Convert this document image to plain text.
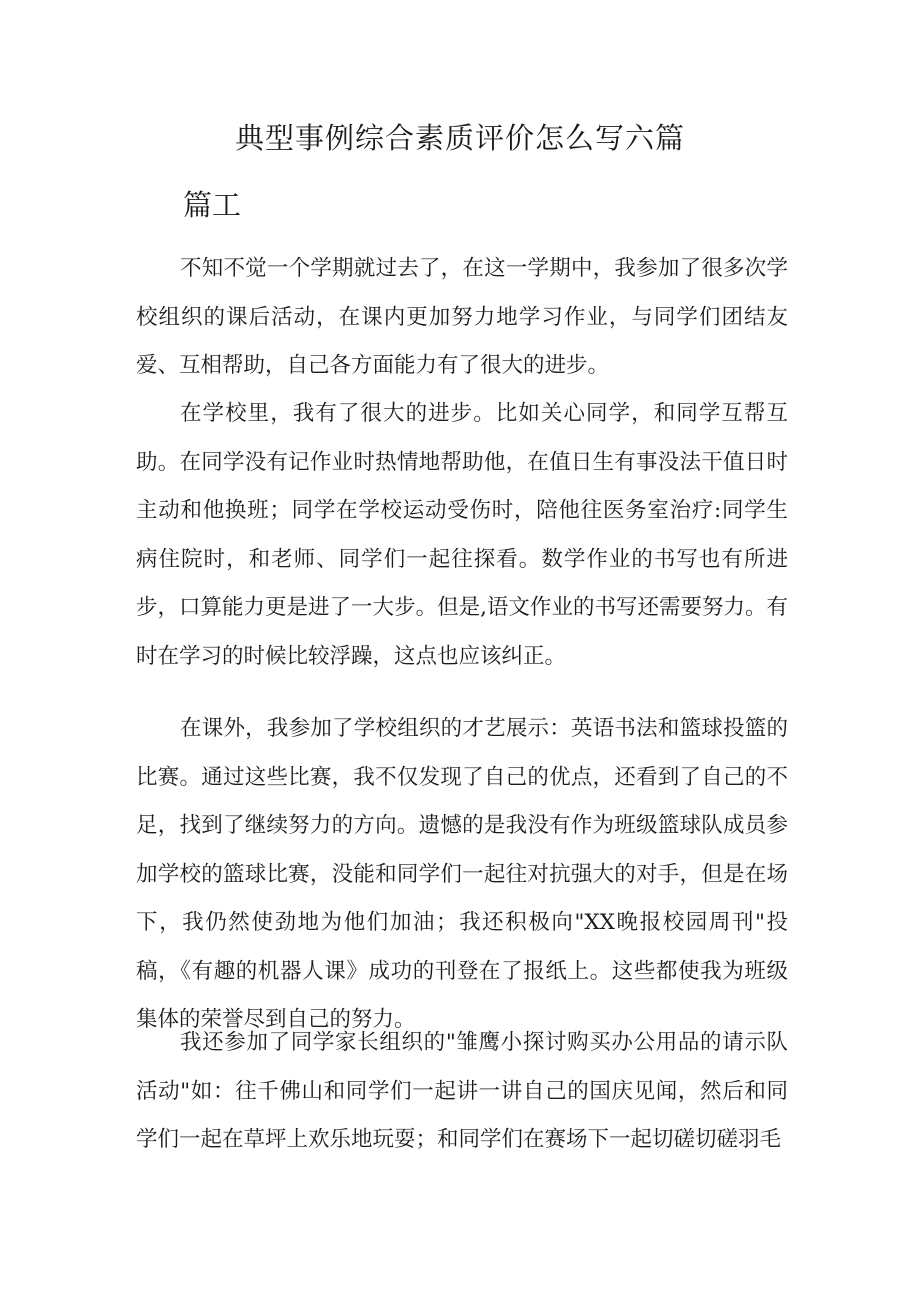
典型事例综合素质评价怎么写六篇
篇工

不知不觉一个学期就过去了，在这一学期中，我参加了很多次学校组织的课后活动，在课内更加努力地学习作业，与同学们团结友爱、互相帮助，自己各方面能力有了很大的进步。

在学校里，我有了很大的进步。比如关心同学，和同学互帮互助。在同学没有记作业时热情地帮助他，在值日生有事没法干值日时主动和他换班；同学在学校运动受伤时，陪他往医务室治疗:同学生病住院时，和老师、同学们一起往探看。数学作业的书写也有所进步，口算能力更是进了一大步。但是,语文作业的书写还需要努力。有时在学习的时候比较浮躁，这点也应该纠正。

在课外，我参加了学校组织的才艺展示：英语书法和篮球投篮的比赛。通过这些比赛，我不仅发现了自己的优点，还看到了自己的不足，找到了继续努力的方向。遗憾的是我没有作为班级篮球队成员参加学校的篮球比赛，没能和同学们一起往对抗强大的对手，但是在场下，我仍然使劲地为他们加油；我还积极向"XX晚报校园周刊"投稿，《有趣的机器人课》成功的刊登在了报纸上。这些都使我为班级集体的荣誉尽到自己的努力。

我还参加了同学家长组织的"雏鹰小探讨购买办公用品的请示队活动"如：往千佛山和同学们一起讲一讲自己的国庆见闻，然后和同学们一起在草坪上欢乐地玩耍；和同学们在赛场下一起切磋切磋羽毛
